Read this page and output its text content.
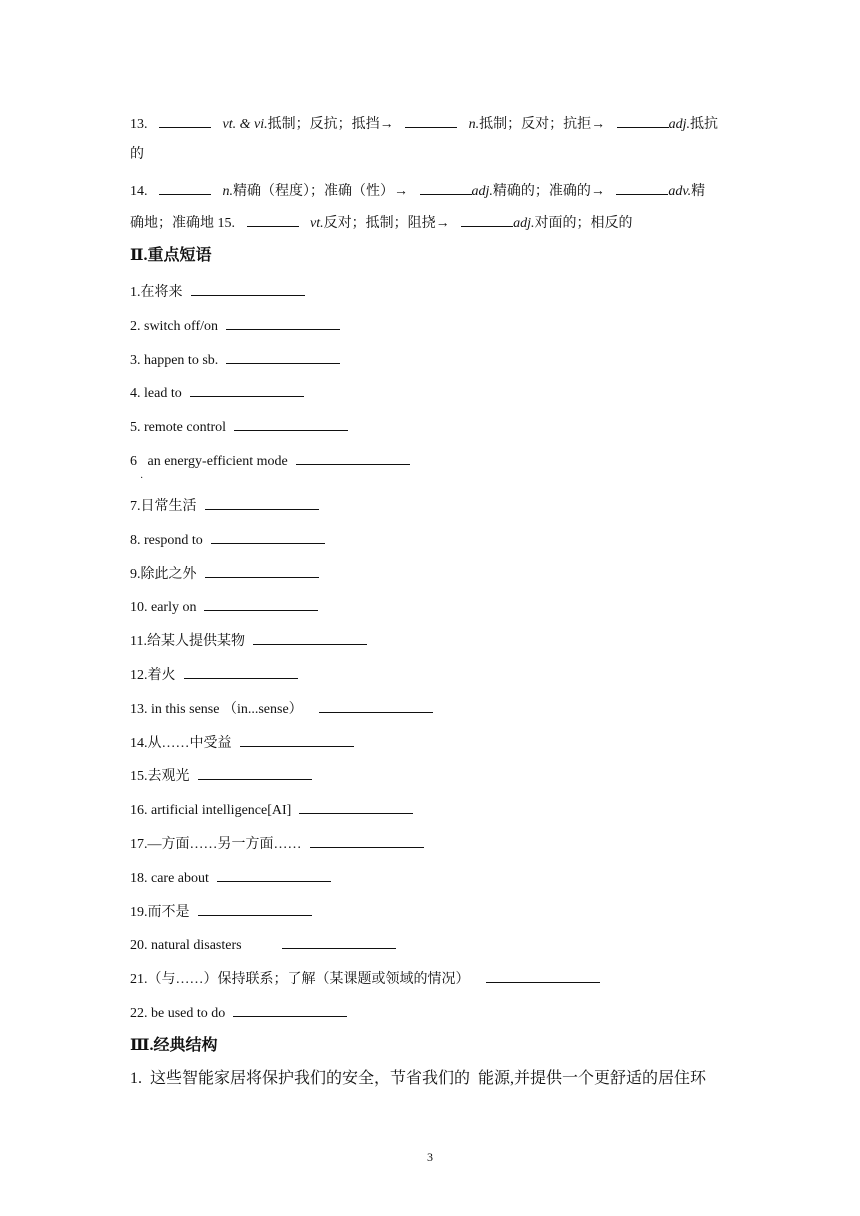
13.	vt. & vi.抵制；反抗；抵挡→	n.抵制；反对；抗拒→	adj.抵抗
的
14.	n.精确（程度）；准确（性）→	adj.精确的；准确的→	adv.精
确地；准确地 15.	vt.反对；抵制；阻挠→	adj.对面的；相反的
Ⅱ.重点短语
1.在将来
2. switch off/on
3. happen to sb.
4. lead to
5. remote control
6   an energy-efficient mode
·
7.日常生活
8. respond to
9.除此之外
10. early on
11.给某人提供某物
12.着火
13. in this sense （in...sense）
14.从……中受益
15.去观光
16. artificial intelligence[AI]
17.—方面……另一方面……
18. care about
19.而不是
20. natural disasters
21.（与……）保持联系；了解（某课题或领域的情况）
22. be used to do
Ⅲ.经典结构
1.  这些智能家居将保护我们的安全，节省我们的  能源,并提供一个更舒适的居住环
3
